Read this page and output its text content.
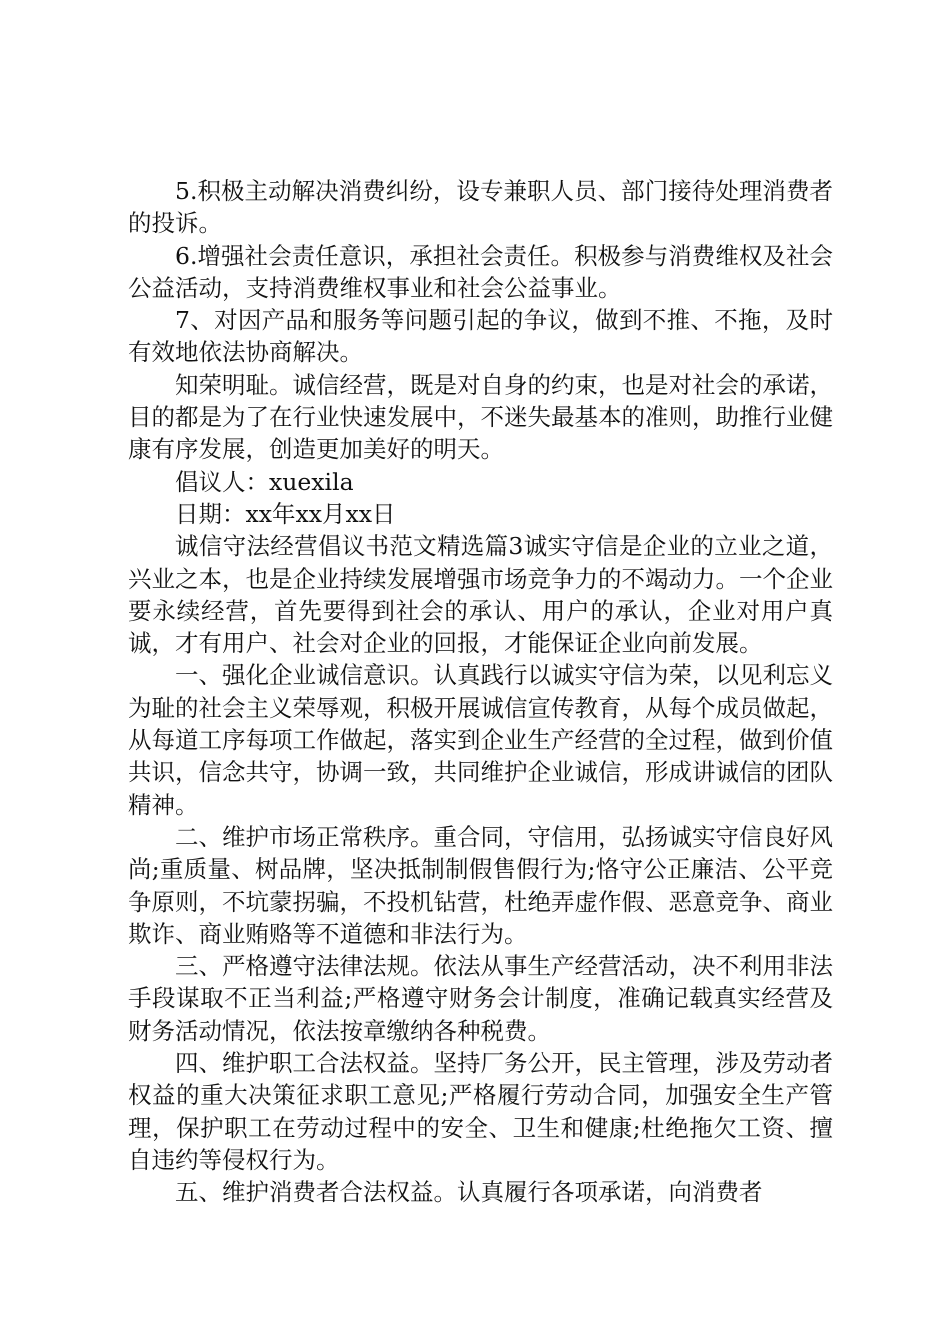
5.积极主动解决消费纠纷，设专兼职人员、部门接待处理消费者的投诉。

6.增强社会责任意识，承担社会责任。积极参与消费维权及社会公益活动，支持消费维权事业和社会公益事业。

7、对因产品和服务等问题引起的争议，做到不推、不拖，及时有效地依法协商解决。

知荣明耻。诚信经营，既是对自身的约束，也是对社会的承诺，目的都是为了在行业快速发展中，不迷失最基本的准则，助推行业健康有序发展，创造更加美好的明天。

倡议人：xuexila

日期：xx年xx月xx日

诚信守法经营倡议书范文精选篇3诚实守信是企业的立业之道，兴业之本，也是企业持续发展增强市场竞争力的不竭动力。一个企业要永续经营，首先要得到社会的承认、用户的承认，企业对用户真诚，才有用户、社会对企业的回报，才能保证企业向前发展。

一、强化企业诚信意识。认真践行以诚实守信为荣，以见利忘义为耻的社会主义荣辱观，积极开展诚信宣传教育，从每个成员做起，从每道工序每项工作做起，落实到企业生产经营的全过程，做到价值共识，信念共守，协调一致，共同维护企业诚信，形成讲诚信的团队精神。

二、维护市场正常秩序。重合同，守信用，弘扬诚实守信良好风尚;重质量、树品牌，坚决抵制制假售假行为;恪守公正廉洁、公平竞争原则，不坑蒙拐骗，不投机钻营，杜绝弄虚作假、恶意竞争、商业欺诈、商业贿赂等不道德和非法行为。

三、严格遵守法律法规。依法从事生产经营活动，决不利用非法手段谋取不正当利益;严格遵守财务会计制度，准确记载真实经营及财务活动情况，依法按章缴纳各种税费。

四、维护职工合法权益。坚持厂务公开，民主管理，涉及劳动者权益的重大决策征求职工意见;严格履行劳动合同，加强安全生产管理，保护职工在劳动过程中的安全、卫生和健康;杜绝拖欠工资、擅自违约等侵权行为。

五、维护消费者合法权益。认真履行各项承诺，向消费者
